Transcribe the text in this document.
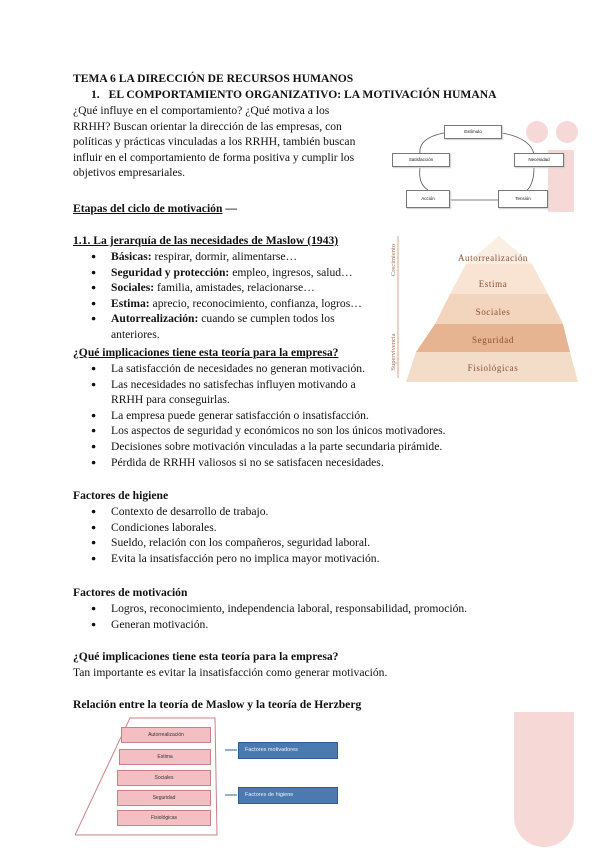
TEMA 6 LA DIRECCIÓN DE RECURSOS HUMANOS
1. EL COMPORTAMIENTO ORGANIZATIVO: LA MOTIVACIÓN HUMANA
¿Qué influye en el comportamiento? ¿Qué motiva a los
RRHH? Buscan orientar la dirección de las empresas, con
políticas y prácticas vinculadas a los RRHH, también buscan
influir en el comportamiento de forma positiva y cumplir los
objetivos empresariales.
Estímulo
Satisfacción	Necesidad
Acción	Tensión
Etapas del ciclo de motivación —
1.1. La jerarquía de las necesidades de Maslow (1943)
● Básicas: respirar, dormir, alimentarse…
● Seguridad y protección: empleo, ingresos, salud…
● Sociales: familia, amistades, relacionarse…
● Estima: aprecio, reconocimiento, confianza, logros…
● Autorrealización: cuando se cumplen todos los anteriores.
Crecimiento
Supervivencia
Autorrealización
Estima
Sociales
Seguridad
Fisiológicas
¿Qué implicaciones tiene esta teoría para la empresa?
● La satisfacción de necesidades no generan motivación.
● Las necesidades no satisfechas influyen motivando a RRHH para conseguirlas.
● La empresa puede generar satisfacción o insatisfacción.
● Los aspectos de seguridad y económicos no son los únicos motivadores.
● Decisiones sobre motivación vinculadas a la parte secundaria pirámide.
● Pérdida de RRHH valiosos si no se satisfacen necesidades.
Factores de higiene
● Contexto de desarrollo de trabajo.
● Condiciones laborales.
● Sueldo, relación con los compañeros, seguridad laboral.
● Evita la insatisfacción pero no implica mayor motivación.
Factores de motivación
● Logros, reconocimiento, independencia laboral, responsabilidad, promoción.
● Generan motivación.
¿Qué implicaciones tiene esta teoría para la empresa?
Tan importante es evitar la insatisfacción como generar motivación.
Relación entre la teoría de Maslow y la teoría de Herzberg
Autorrealización
Estima
Sociales
Seguridad
Fisiológicas
Factores motivadores
Factores de higiene
